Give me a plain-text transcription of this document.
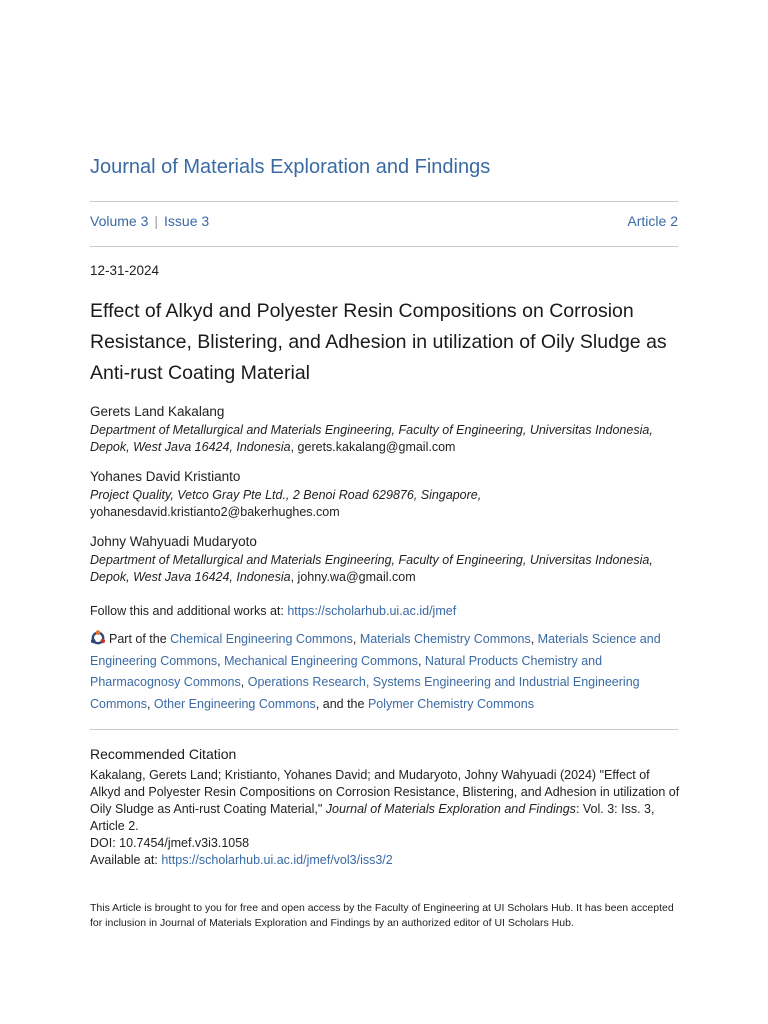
Journal of Materials Exploration and Findings
Volume 3 | Issue 3	Article 2
12-31-2024
Effect of Alkyd and Polyester Resin Compositions on Corrosion Resistance, Blistering, and Adhesion in utilization of Oily Sludge as Anti-rust Coating Material
Gerets Land Kakalang
Department of Metallurgical and Materials Engineering, Faculty of Engineering, Universitas Indonesia, Depok, West Java 16424, Indonesia, gerets.kakalang@gmail.com
Yohanes David Kristianto
Project Quality, Vetco Gray Pte Ltd., 2 Benoi Road 629876, Singapore,
yohanesdavid.kristianto2@bakerhughes.com
Johny Wahyuadi Mudaryoto
Department of Metallurgical and Materials Engineering, Faculty of Engineering, Universitas Indonesia, Depok, West Java 16424, Indonesia, johny.wa@gmail.com
Follow this and additional works at: https://scholarhub.ui.ac.id/jmef
Part of the Chemical Engineering Commons, Materials Chemistry Commons, Materials Science and Engineering Commons, Mechanical Engineering Commons, Natural Products Chemistry and Pharmacognosy Commons, Operations Research, Systems Engineering and Industrial Engineering Commons, Other Engineering Commons, and the Polymer Chemistry Commons
Recommended Citation
Kakalang, Gerets Land; Kristianto, Yohanes David; and Mudaryoto, Johny Wahyuadi (2024) "Effect of Alkyd and Polyester Resin Compositions on Corrosion Resistance, Blistering, and Adhesion in utilization of Oily Sludge as Anti-rust Coating Material," Journal of Materials Exploration and Findings: Vol. 3: Iss. 3, Article 2.
DOI: 10.7454/jmef.v3i3.1058
Available at: https://scholarhub.ui.ac.id/jmef/vol3/iss3/2
This Article is brought to you for free and open access by the Faculty of Engineering at UI Scholars Hub. It has been accepted for inclusion in Journal of Materials Exploration and Findings by an authorized editor of UI Scholars Hub.
